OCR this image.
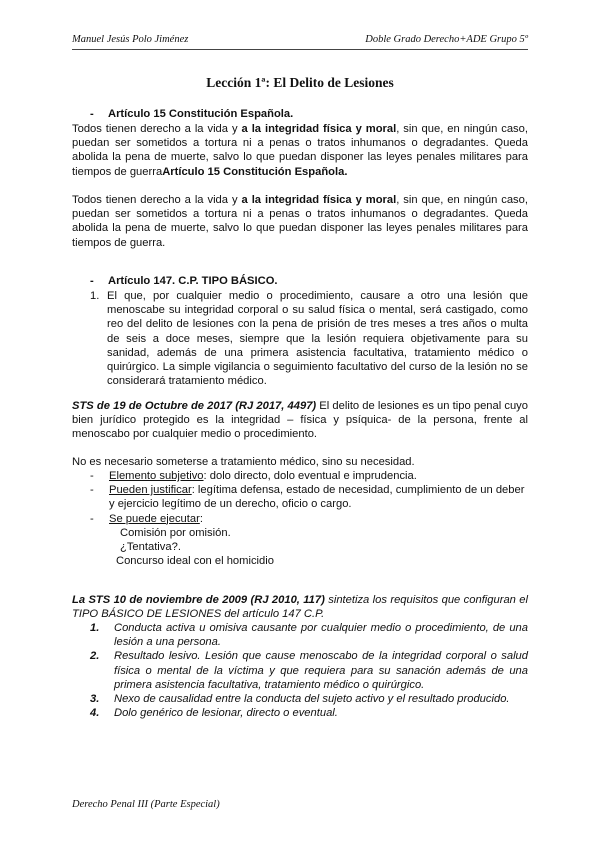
Manuel Jesús Polo Jiménez	Doble Grado Derecho+ADE Grupo 5º
Lección 1ª: El Delito de Lesiones
- Artículo 15 Constitución Española.

Todos tienen derecho a la vida y a la integridad física y moral, sin que, en ningún caso, puedan ser sometidos a tortura ni a penas o tratos inhumanos o degradantes. Queda abolida la pena de muerte, salvo lo que puedan disponer las leyes penales militares para tiempos de guerraArtículo 15 Constitución Española.

Todos tienen derecho a la vida y a la integridad física y moral, sin que, en ningún caso, puedan ser sometidos a tortura ni a penas o tratos inhumanos o degradantes. Queda abolida la pena de muerte, salvo lo que puedan disponer las leyes penales militares para tiempos de guerra.

- Artículo 147. C.P. TIPO BÁSICO.

1. El que, por cualquier medio o procedimiento, causare a otro una lesión que menoscabe su integridad corporal o su salud física o mental, será castigado, como reo del delito de lesiones con la pena de prisión de tres meses a tres años o multa de seis a doce meses, siempre que la lesión requiera objetivamente para su sanidad, además de una primera asistencia facultativa, tratamiento médico o quirúrgico. La simple vigilancia o seguimiento facultativo del curso de la lesión no se considerará tratamiento médico.

STS de 19 de Octubre de 2017 (RJ 2017, 4497) El delito de lesiones es un tipo penal cuyo bien jurídico protegido es la integridad – física y psíquica- de la persona, frente al menoscabo por cualquier medio o procedimiento.

No es necesario someterse a tratamiento médico, sino su necesidad.

- Elemento subjetivo: dolo directo, dolo eventual e imprudencia.

- Pueden justificar: legítima defensa, estado de necesidad, cumplimiento de un deber y ejercicio legítimo de un derecho, oficio o cargo.

- Se puede ejecutar:

Comisión por omisión.

¿Tentativa?.

Concurso ideal con el homicidio

La STS 10 de noviembre de 2009 (RJ 2010, 117) sintetiza los requisitos que configuran el TIPO BÁSICO DE LESIONES del artículo 147 C.P.

1. Conducta activa u omisiva causante por cualquier medio o procedimiento, de una lesión a una persona.

2. Resultado lesivo. Lesión que cause menoscabo de la integridad corporal o salud física o mental de la víctima y que requiera para su sanación además de una primera asistencia facultativa, tratamiento médico o quirúrgico.

3. Nexo de causalidad entre la conducta del sujeto activo y el resultado producido.

4. Dolo genérico de lesionar, directo o eventual.

Derecho Penal III (Parte Especial)
